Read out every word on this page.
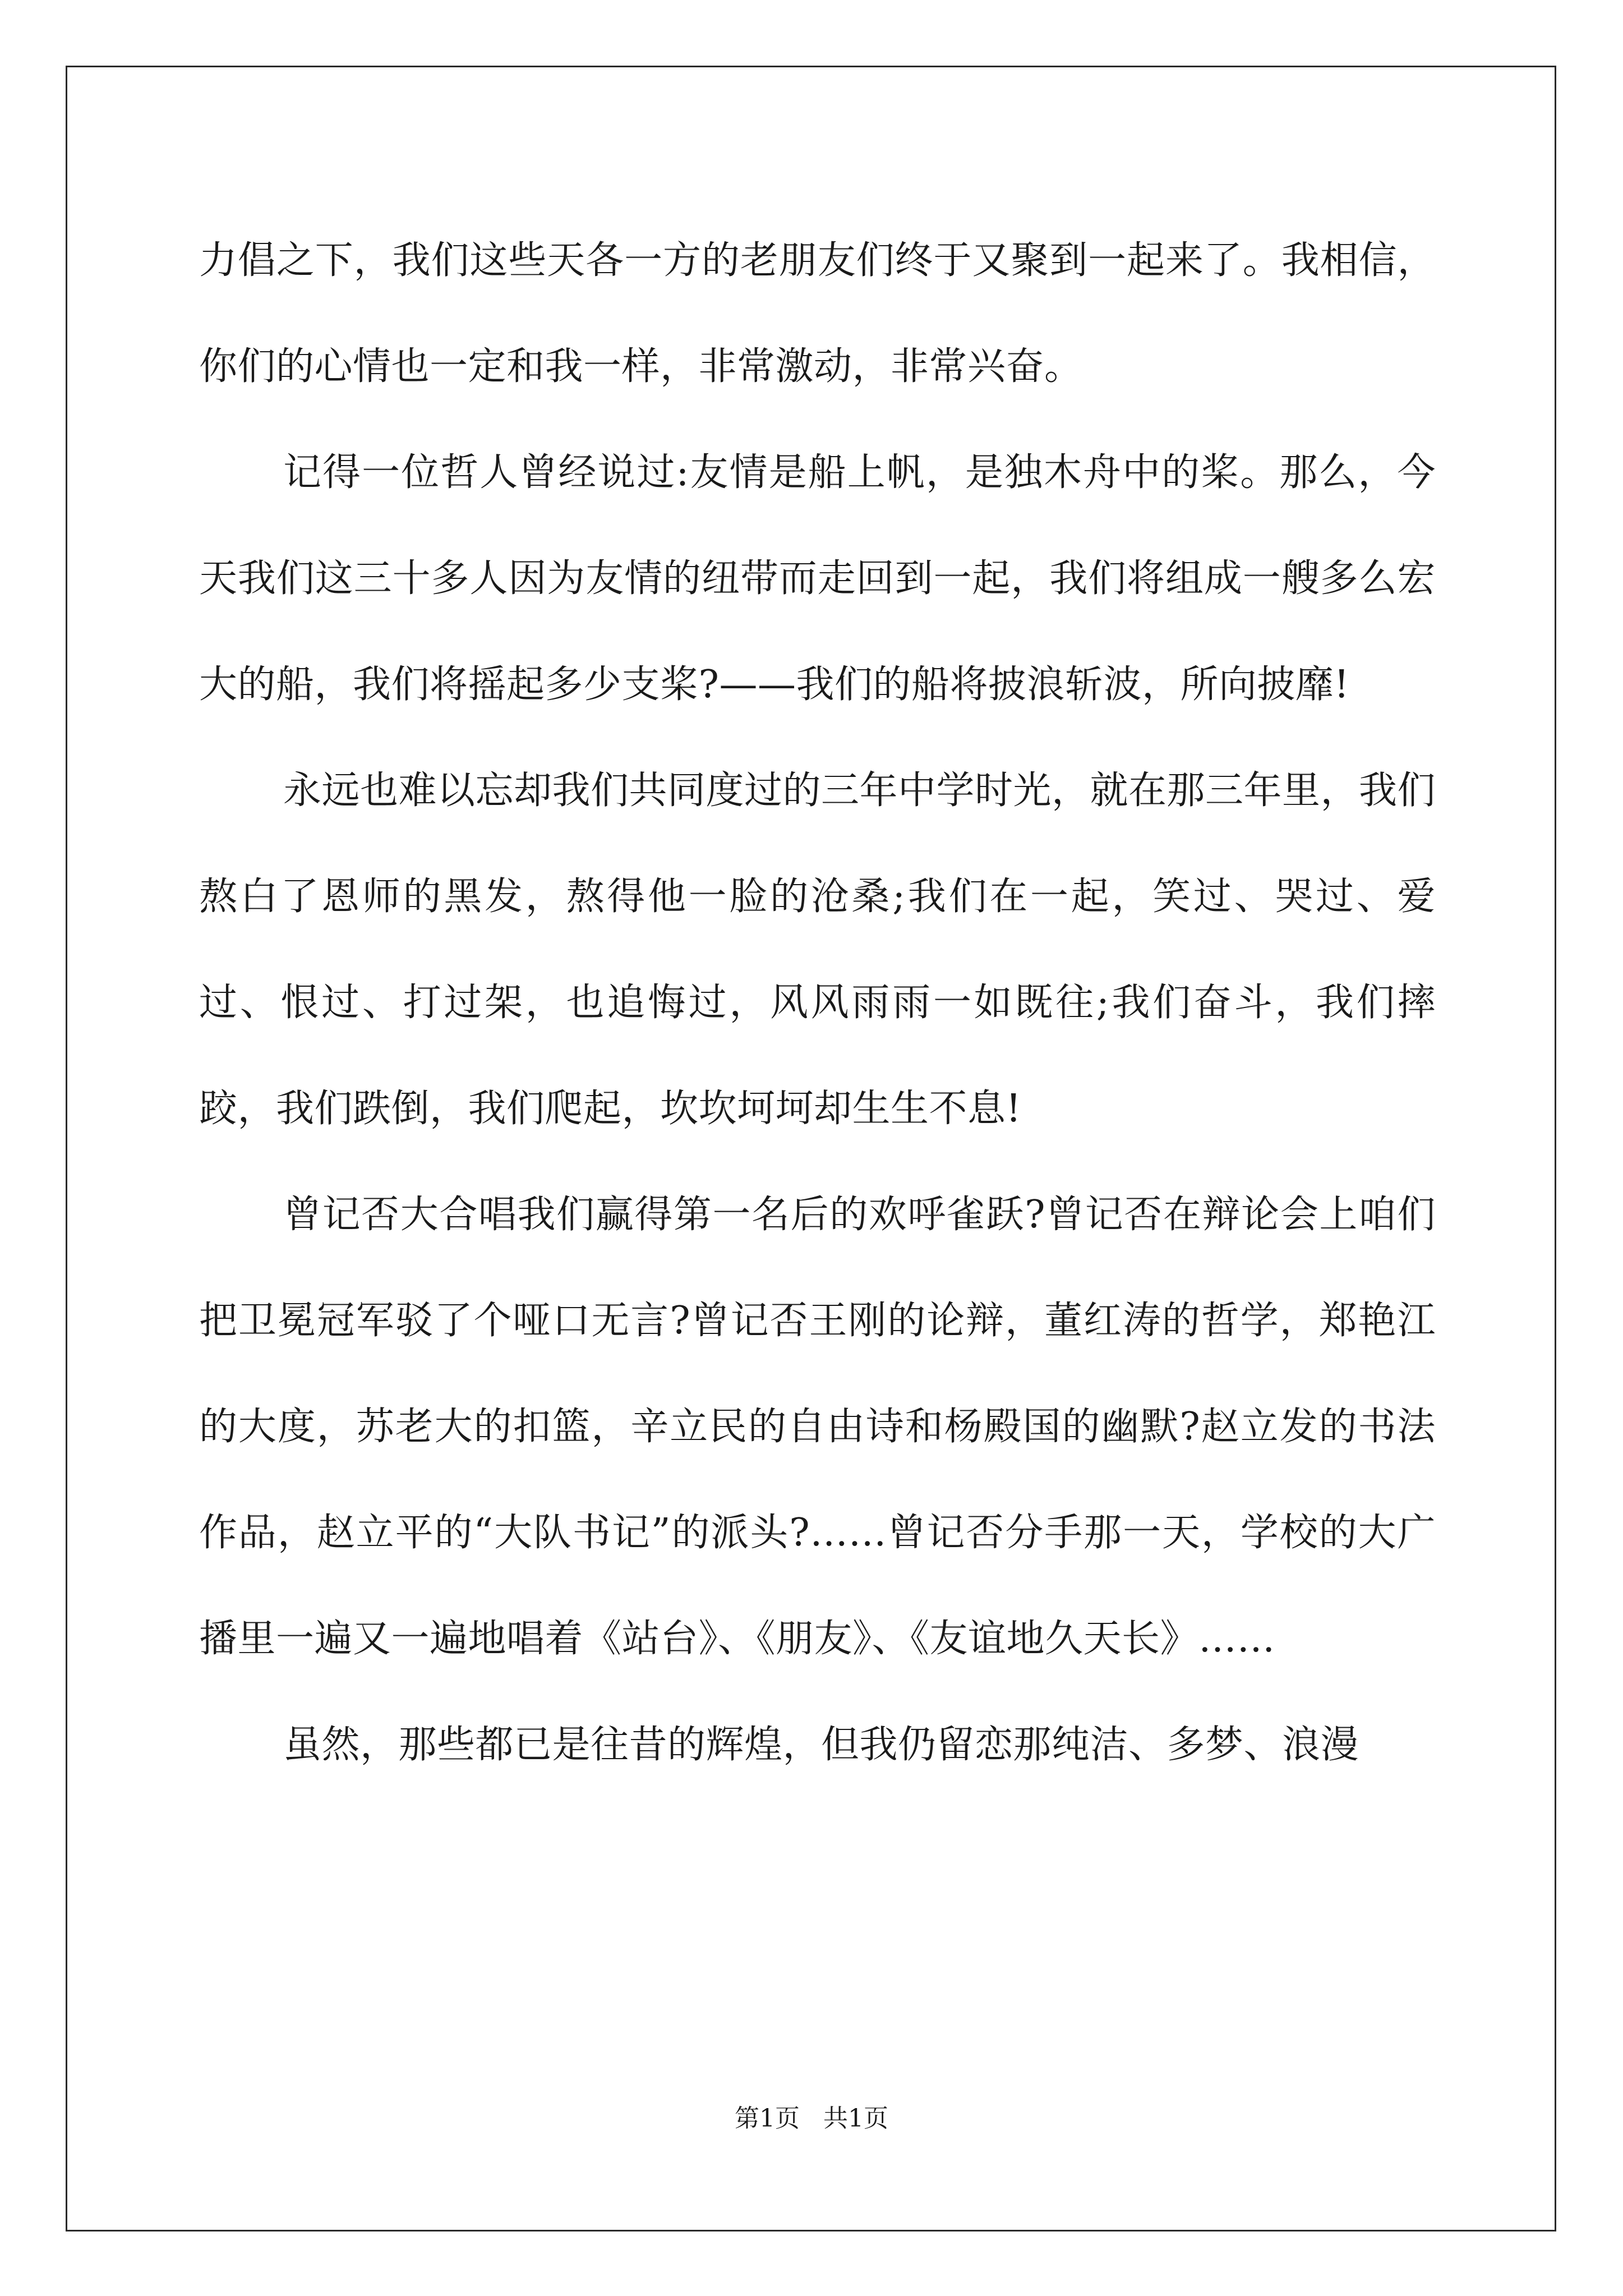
力倡之下，我们这些天各一方的老朋友们终于又聚到一起来了。我相信，你们的心情也一定和我一样，非常激动，非常兴奋。

记得一位哲人曾经说过:友情是船上帆，是独木舟中的桨。那么，今天我们这三十多人因为友情的纽带而走回到一起，我们将组成一艘多么宏大的船，我们将摇起多少支桨?——我们的船将披浪斩波，所向披靡!

永远也难以忘却我们共同度过的三年中学时光，就在那三年里，我们熬白了恩师的黑发，熬得他一脸的沧桑;我们在一起，笑过、哭过、爱过、恨过、打过架，也追悔过，风风雨雨一如既往;我们奋斗，我们摔跤，我们跌倒，我们爬起，坎坎坷坷却生生不息!

曾记否大合唱我们赢得第一名后的欢呼雀跃?曾记否在辩论会上咱们把卫冕冠军驳了个哑口无言?曾记否王刚的论辩，董红涛的哲学，郑艳江的大度，苏老大的扣篮，辛立民的自由诗和杨殿国的幽默?赵立发的书法作品，赵立平的“大队书记”的派头?……曾记否分手那一天，学校的大广播里一遍又一遍地唱着《站台》、《朋友》、《友谊地久天长》……

虽然，那些都已是往昔的辉煌，但我仍留恋那纯洁、多梦、浪漫

第1页 共1页
